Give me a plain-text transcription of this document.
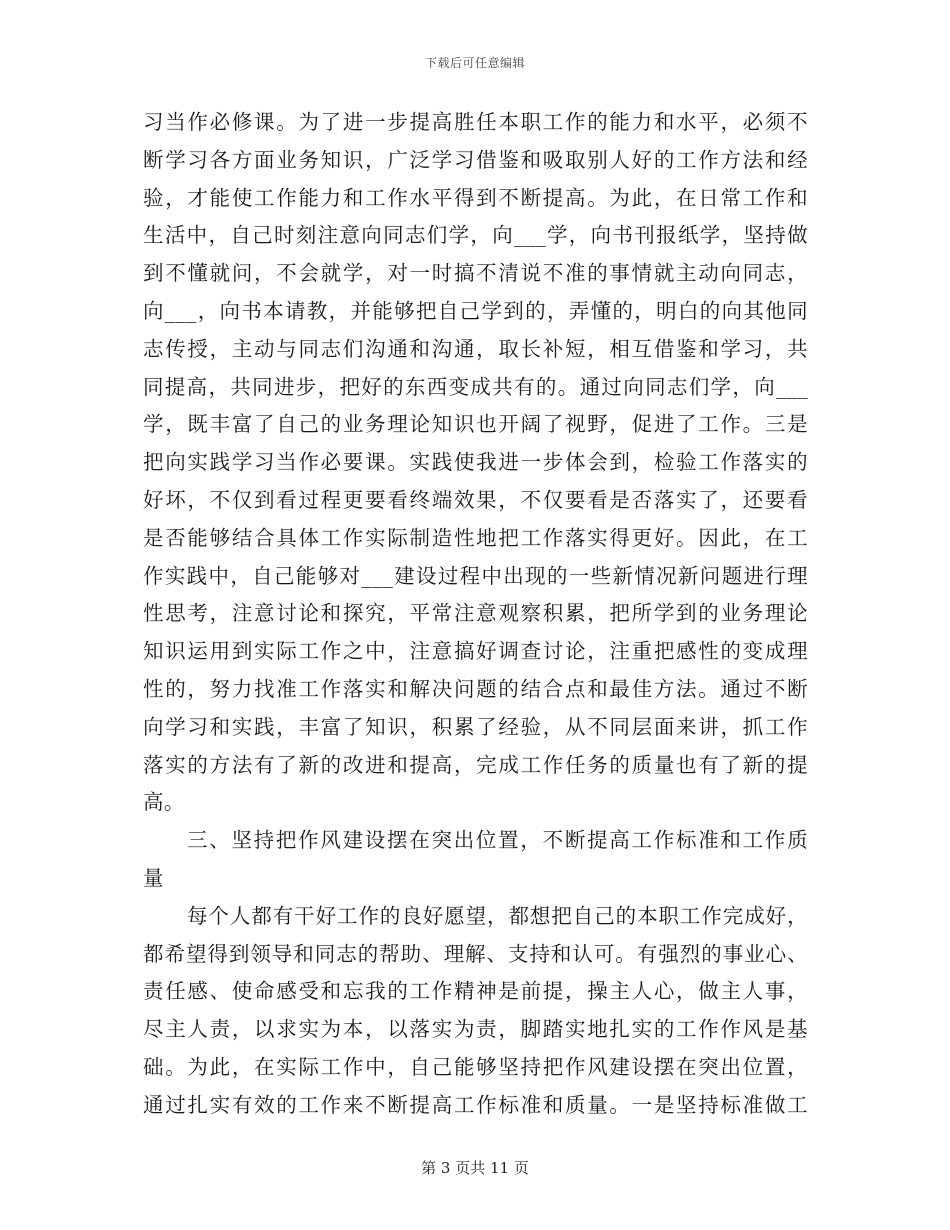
下载后可任意编辑
习当作必修课。为了进一步提高胜任本职工作的能力和水平，必须不
断学习各方面业务知识，广泛学习借鉴和吸取别人好的工作方法和经
验，才能使工作能力和工作水平得到不断提高。为此，在日常工作和
生活中，自己时刻注意向同志们学，向___学，向书刊报纸学，坚持做
到不懂就问，不会就学，对一时搞不清说不准的事情就主动向同志，
向___，向书本请教，并能够把自己学到的，弄懂的，明白的向其他同
志传授，主动与同志们沟通和沟通，取长补短，相互借鉴和学习，共
同提高，共同进步，把好的东西变成共有的。通过向同志们学，向___
学，既丰富了自己的业务理论知识也开阔了视野，促进了工作。三是
把向实践学习当作必要课。实践使我进一步体会到，检验工作落实的
好坏，不仅到看过程更要看终端效果，不仅要看是否落实了，还要看
是否能够结合具体工作实际制造性地把工作落实得更好。因此，在工
作实践中，自己能够对___建设过程中出现的一些新情况新问题进行理
性思考，注意讨论和探究，平常注意观察积累，把所学到的业务理论
知识运用到实际工作之中，注意搞好调查讨论，注重把感性的变成理
性的，努力找准工作落实和解决问题的结合点和最佳方法。通过不断
向学习和实践，丰富了知识，积累了经验，从不同层面来讲，抓工作
落实的方法有了新的改进和提高，完成工作任务的质量也有了新的提
高。
三、坚持把作风建设摆在突出位置，不断提高工作标准和工作质
量
每个人都有干好工作的良好愿望，都想把自己的本职工作完成好，
都希望得到领导和同志的帮助、理解、支持和认可。有强烈的事业心、
责任感、使命感受和忘我的工作精神是前提，操主人心，做主人事，
尽主人责，以求实为本，以落实为责，脚踏实地扎实的工作作风是基
础。为此，在实际工作中，自己能够坚持把作风建设摆在突出位置，
通过扎实有效的工作来不断提高工作标准和质量。一是坚持标准做工
第 3 页共 11 页
